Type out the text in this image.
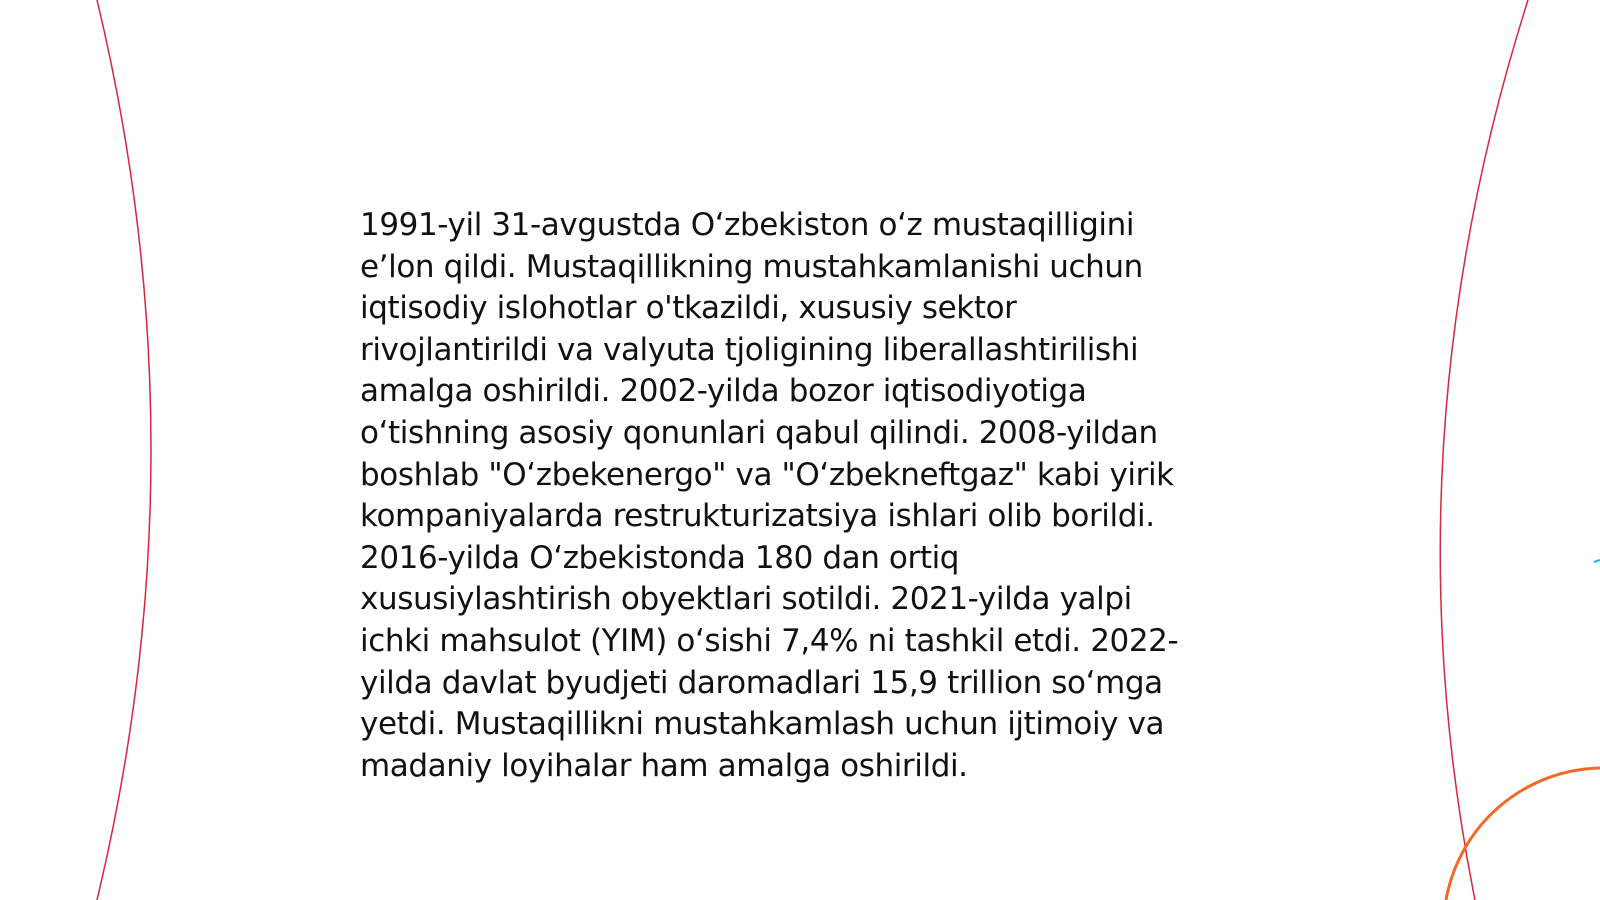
1991-yil 31-avgustda O‘zbekiston o‘z mustaqilligini
e’lon qildi. Mustaqillikning mustahkamlanishi uchun
iqtisodiy islohotlar o'tkazildi, xususiy sektor
rivojlantirildi va valyuta tjoligining liberallashtirilishi
amalga oshirildi. 2002-yilda bozor iqtisodiyotiga
o‘tishning asosiy qonunlari qabul qilindi. 2008-yildan
boshlab "O‘zbekenergo" va "O‘zbekneftgaz" kabi yirik
kompaniyalarda restrukturizatsiya ishlari olib borildi.
2016-yilda O‘zbekistonda 180 dan ortiq
xususiylashtirish obyektlari sotildi. 2021-yilda yalpi
ichki mahsulot (YIM) o‘sishi 7,4% ni tashkil etdi. 2022-
yilda davlat byudjeti daromadlari 15,9 trillion so‘mga
yetdi. Mustaqillikni mustahkamlash uchun ijtimoiy va
madaniy loyihalar ham amalga oshirildi.
